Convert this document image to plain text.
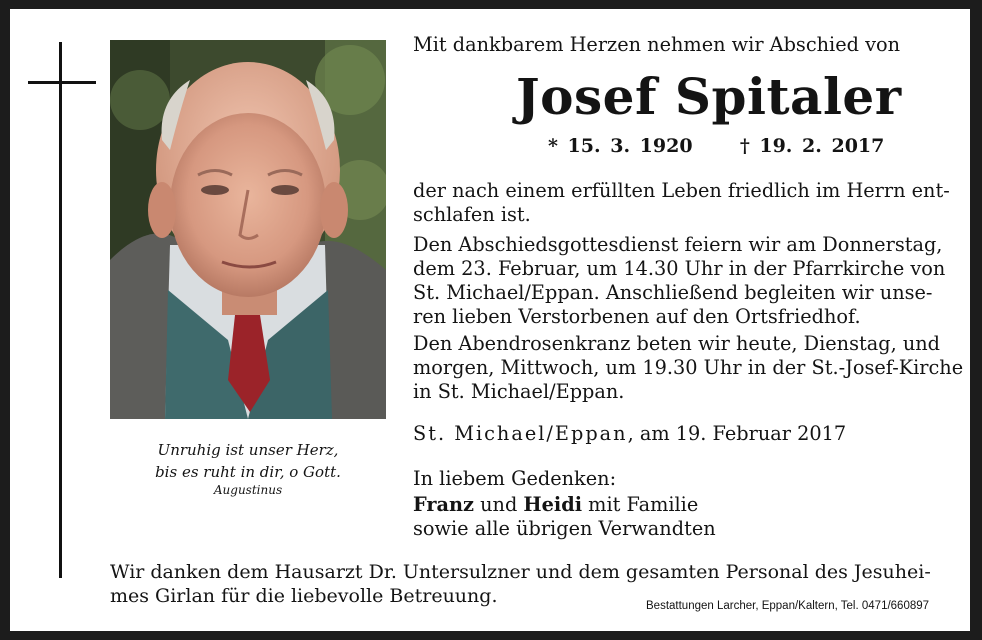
Unruhig ist unser Herz,
bis es ruht in dir, o Gott.
Augustinus
Mit dankbarem Herzen nehmen wir Abschied von
Josef Spitaler
* 15. 3. 1920 † 19. 2. 2017
der nach einem erfüllten Leben friedlich im Herrn ent-
schlafen ist.
Den Abschiedsgottesdienst feiern wir am Donnerstag,
dem 23. Februar, um 14.30 Uhr in der Pfarrkirche von
St. Michael/Eppan. Anschließend begleiten wir unse-
ren lieben Verstorbenen auf den Ortsfriedhof.
Den Abendrosenkranz beten wir heute, Dienstag, und
morgen, Mittwoch, um 19.30 Uhr in der St.-Josef-Kirche
in St. Michael/Eppan.
St. Michael/Eppan, am 19. Februar 2017
In liebem Gedenken:
Franz und Heidi mit Familie
sowie alle übrigen Verwandten
Wir danken dem Hausarzt Dr. Untersulzner und dem gesamten Personal des Jesuhei-
mes Girlan für die liebevolle Betreuung.	Bestattungen Larcher, Eppan/Kaltern, Tel. 0471/660897
